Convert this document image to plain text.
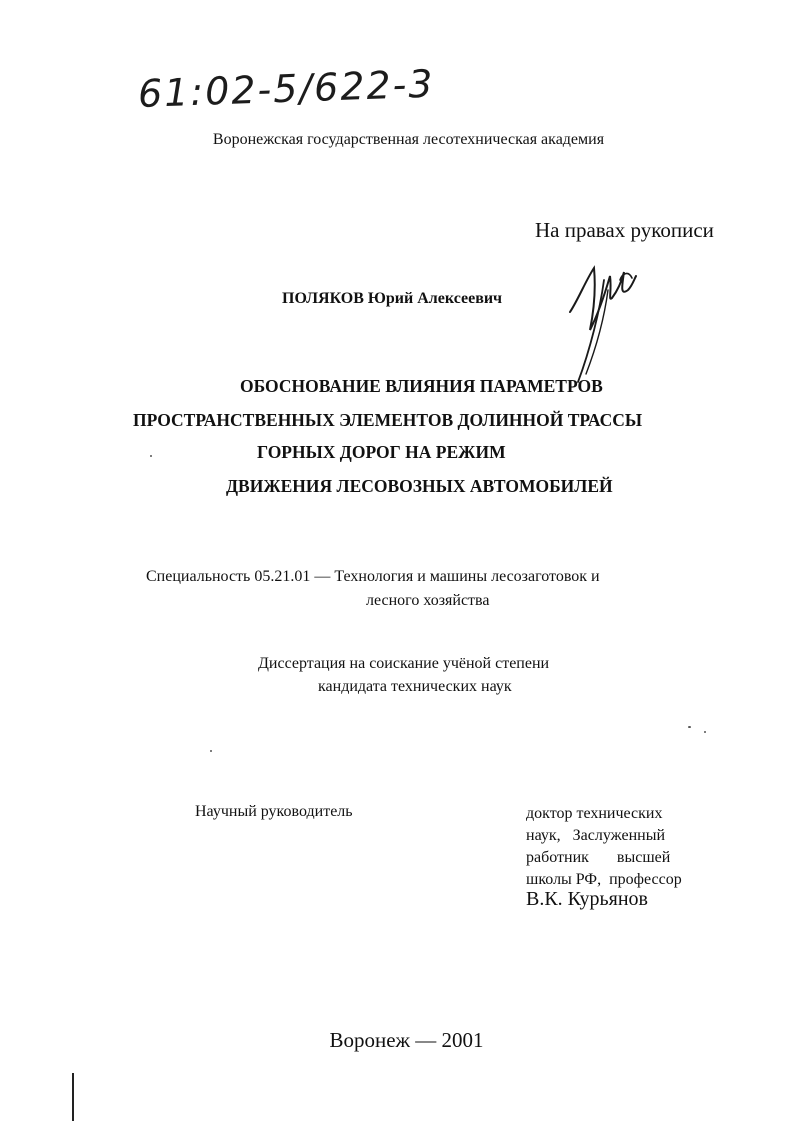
61:02-5/622-3
Воронежская государственная лесотехническая академия
На правах рукописи
ПОЛЯКОВ Юрий Алексеевич
ОБОСНОВАНИЕ ВЛИЯНИЯ ПАРАМЕТРОВ
ПРОСТРАНСТВЕННЫХ ЭЛЕМЕНТОВ ДОЛИННОЙ ТРАССЫ
ГОРНЫХ ДОРОГ НА РЕЖИМ
ДВИЖЕНИЯ ЛЕСОВОЗНЫХ АВТОМОБИЛЕЙ
Специальность 05.21.01 — Технология и машины лесозаготовок и
лесного хозяйства
Диссертация на соискание учёной степени
кандидата технических наук
Научный руководитель	доктор технических
наук,   Заслуженный
работник       высшей
школы РФ,  профессор
В.К. Курьянов
Воронеж — 2001
